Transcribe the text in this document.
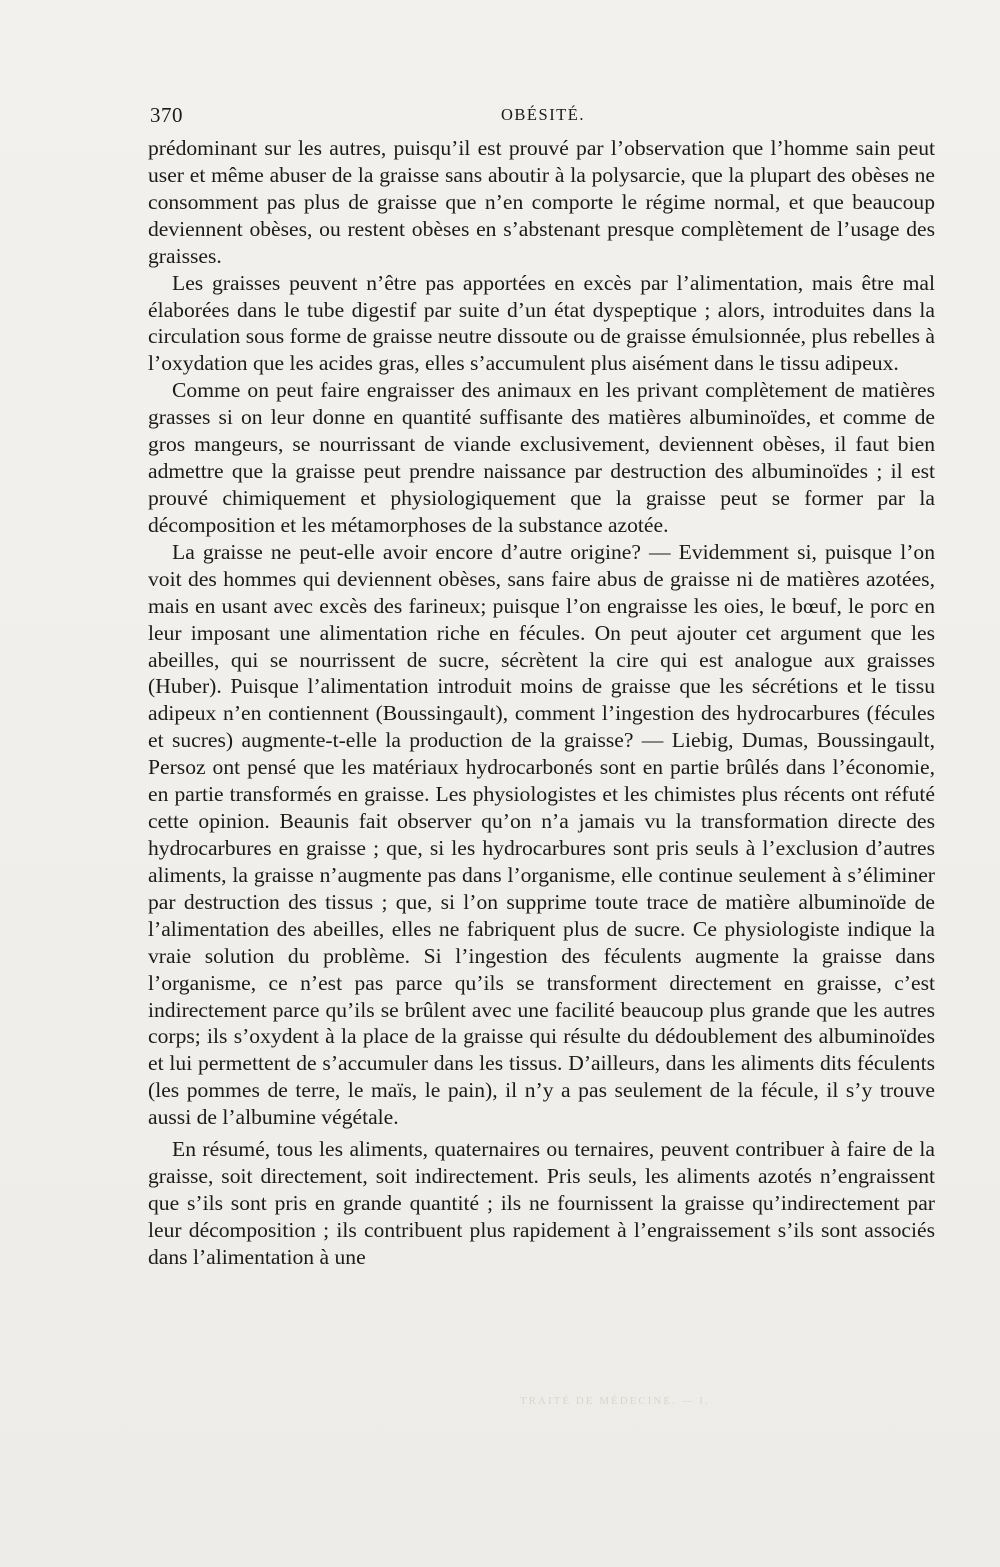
370	OBÉSITÉ.

prédominant sur les autres, puisqu’il est prouvé par l’observation que l’homme sain peut user et même abuser de la graisse sans aboutir à la polysarcie, que la plupart des obèses ne consomment pas plus de graisse que n’en comporte le régime normal, et que beaucoup deviennent obèses, ou restent obèses en s’abstenant presque complètement de l’usage des graisses.

Les graisses peuvent n’être pas apportées en excès par l’alimentation, mais être mal élaborées dans le tube digestif par suite d’un état dyspeptique ; alors, introduites dans la circulation sous forme de graisse neutre dissoute ou de graisse émulsionnée, plus rebelles à l’oxydation que les acides gras, elles s’accumulent plus aisément dans le tissu adipeux.

Comme on peut faire engraisser des animaux en les privant complètement de matières grasses si on leur donne en quantité suffisante des matières albuminoïdes, et comme de gros mangeurs, se nourrissant de viande exclusivement, deviennent obèses, il faut bien admettre que la graisse peut prendre naissance par destruction des albuminoïdes ; il est prouvé chimiquement et physiologiquement que la graisse peut se former par la décomposition et les métamorphoses de la substance azotée.

La graisse ne peut-elle avoir encore d’autre origine? — Evidemment si, puisque l’on voit des hommes qui deviennent obèses, sans faire abus de graisse ni de matières azotées, mais en usant avec excès des farineux; puisque l’on engraisse les oies, le bœuf, le porc en leur imposant une alimentation riche en fécules. On peut ajouter cet argument que les abeilles, qui se nourrissent de sucre, sécrètent la cire qui est analogue aux graisses (Huber). Puisque l’alimentation introduit moins de graisse que les sécrétions et le tissu adipeux n’en contiennent (Boussingault), comment l’ingestion des hydrocarbures (fécules et sucres) augmente-t-elle la production de la graisse? — Liebig, Dumas, Boussingault, Persoz ont pensé que les matériaux hydrocarbonés sont en partie brûlés dans l’économie, en partie transformés en graisse. Les physiologistes et les chimistes plus récents ont réfuté cette opinion. Beaunis fait observer qu’on n’a jamais vu la transformation directe des hydrocarbures en graisse ; que, si les hydrocarbures sont pris seuls à l’exclusion d’autres aliments, la graisse n’augmente pas dans l’organisme, elle continue seulement à s’éliminer par destruction des tissus ; que, si l’on supprime toute trace de matière albuminoïde de l’alimentation des abeilles, elles ne fabriquent plus de sucre. Ce physiologiste indique la vraie solution du problème. Si l’ingestion des féculents augmente la graisse dans l’organisme, ce n’est pas parce qu’ils se transforment directement en graisse, c’est indirectement parce qu’ils se brûlent avec une facilité beaucoup plus grande que les autres corps; ils s’oxydent à la place de la graisse qui résulte du dédoublement des albuminoïdes et lui permettent de s’accumuler dans les tissus. D’ailleurs, dans les aliments dits féculents (les pommes de terre, le maïs, le pain), il n’y a pas seulement de la fécule, il s’y trouve aussi de l’albumine végétale.

En résumé, tous les aliments, quaternaires ou ternaires, peuvent contribuer à faire de la graisse, soit directement, soit indirectement. Pris seuls, les aliments azotés n’engraissent que s’ils sont pris en grande quantité ; ils ne fournissent la graisse qu’indirectement par leur décomposition ; ils contribuent plus rapidement à l’engraissement s’ils sont associés dans l’alimentation à une

TRAITÉ DE MÉDECINE. — I.
